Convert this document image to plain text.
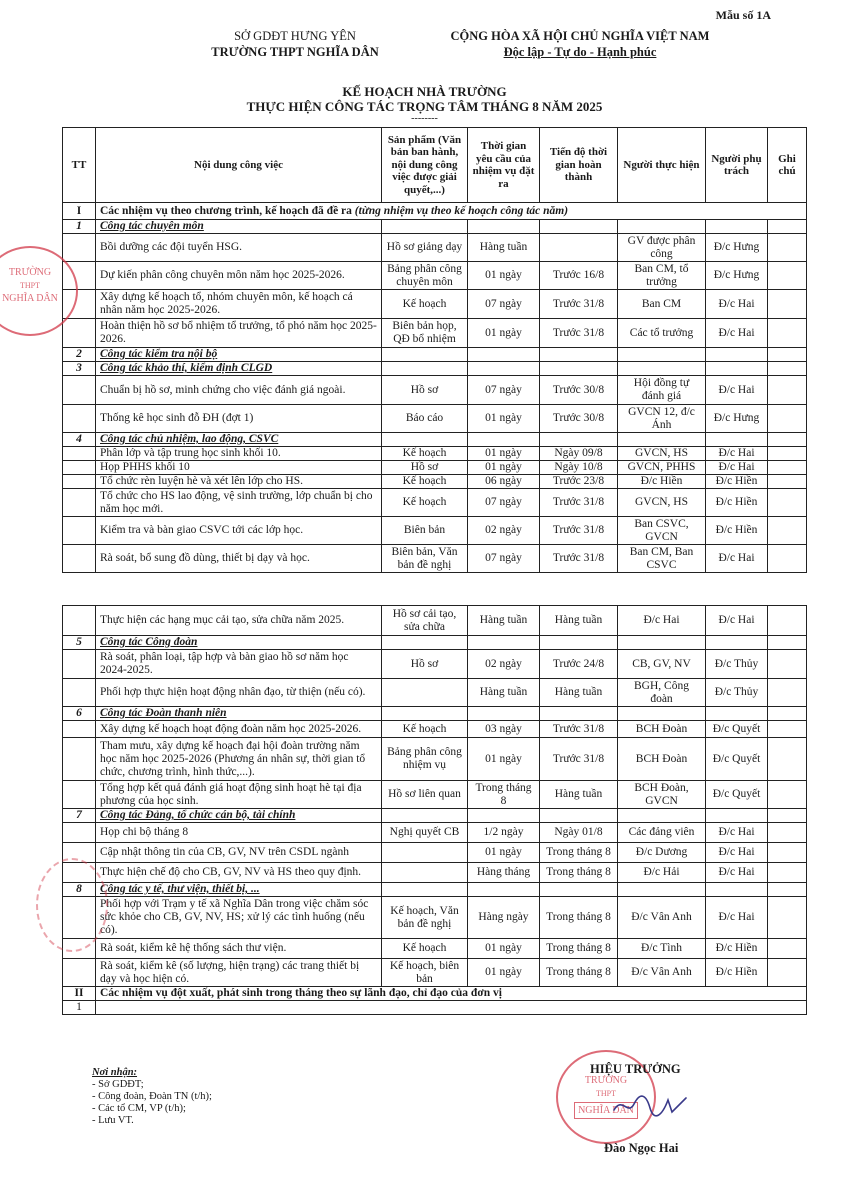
Mẫu số 1A
SỞ GDĐT HƯNG YÊN
TRƯỜNG THPT NGHĨA DÂN
CỘNG HÒA XÃ HỘI CHỦ NGHĨA VIỆT NAM
Độc lập - Tự do - Hạnh phúc
KẾ HOẠCH NHÀ TRƯỜNG
THỰC HIỆN CÔNG TÁC TRỌNG TÂM THÁNG 8 NĂM 2025
--------
TT	Nội dung công việc	Sản phẩm (Văn bản ban hành, nội dung công việc được giải quyết,...)	Thời gian yêu cầu của nhiệm vụ đặt ra	Tiến độ thời gian hoàn thành	Người thực hiện	Người phụ trách	Ghi chú
I	Các nhiệm vụ theo chương trình, kế hoạch đã đề ra (từng nhiệm vụ theo kế hoạch công tác năm)						
1	Công tác chuyên môn						
	Bồi dưỡng các đội tuyển HSG.	Hồ sơ giảng dạy	Hàng tuần		GV được phân công	Đ/c Hưng	
	Dự kiến phân công chuyên môn năm học 2025-2026.	Bảng phân công chuyên môn	01 ngày	Trước 16/8	Ban CM, tổ trưởng	Đ/c Hưng	
	Xây dựng kế hoạch tổ, nhóm chuyên môn, kế hoạch cá nhân năm học 2025-2026.	Kế hoạch	07 ngày	Trước 31/8	Ban CM	Đ/c Hai	
	Hoàn thiện hồ sơ bổ nhiệm tổ trưởng, tổ phó năm học 2025-2026.	Biên bản họp, QĐ bổ nhiệm	01 ngày	Trước 31/8	Các tổ trưởng	Đ/c Hai	
2	Công tác kiểm tra nội bộ						
3	Công tác khảo thí, kiểm định CLGD						
	Chuẩn bị hồ sơ, minh chứng cho việc đánh giá ngoài.	Hồ sơ	07 ngày	Trước 30/8	Hội đồng tự đánh giá	Đ/c Hai	
	Thống kê học sinh đỗ ĐH (đợt 1)	Báo cáo	01 ngày	Trước 30/8	GVCN 12, đ/c Ánh	Đ/c Hưng	
4	Công tác chủ nhiệm, lao động, CSVC						
	Phân lớp và tập trung học sinh khối 10.	Kế hoạch	01 ngày	Ngày 09/8	GVCN, HS	Đ/c Hai	
	Họp PHHS khối 10	Hồ sơ	01 ngày	Ngày 10/8	GVCN, PHHS	Đ/c Hai	
	Tổ chức rèn luyện hè và xét lên lớp cho HS.	Kế hoạch	06 ngày	Trước 23/8	Đ/c Hiền	Đ/c Hiền	
	Tổ chức cho HS lao động, vệ sinh trường, lớp chuẩn bị cho năm học mới.	Kế hoạch	07 ngày	Trước 31/8	GVCN, HS	Đ/c Hiền	
	Kiểm tra và bàn giao CSVC tới các lớp học.	Biên bản	02 ngày	Trước 31/8	Ban CSVC, GVCN	Đ/c Hiền	
	Rà soát, bổ sung đồ dùng, thiết bị dạy và học.	Biên bản, Văn bản đề nghị	07 ngày	Trước 31/8	Ban CM, Ban CSVC	Đ/c Hai	
	Thực hiện các hạng mục cải tạo, sửa chữa năm 2025.	Hồ sơ cải tạo, sửa chữa	Hàng tuần	Hàng tuần	Đ/c Hai	Đ/c Hai	
5	Công tác Công đoàn						
	Rà soát, phân loại, tập hợp và bàn giao hồ sơ năm học 2024-2025.	Hồ sơ	02 ngày	Trước 24/8	CB, GV, NV	Đ/c Thủy	
	Phối hợp thực hiện hoạt động nhân đạo, từ thiện (nếu có).		Hàng tuần	Hàng tuần	BGH, Công đoàn	Đ/c Thủy	
6	Công tác Đoàn thanh niên						
	Xây dựng kế hoạch hoạt động đoàn năm học 2025-2026.	Kế hoạch	03 ngày	Trước 31/8	BCH Đoàn	Đ/c Quyết	
	Tham mưu, xây dựng kế hoạch đại hội đoàn trường năm học năm học 2025-2026 (Phương án nhân sự, thời gian tổ chức, chương trình, hình thức,...).	Bảng phân công nhiệm vụ	01 ngày	Trước 31/8	BCH Đoàn	Đ/c Quyết	
	Tổng hợp kết quả đánh giá hoạt động sinh hoạt hè tại địa phương của học sinh.	Hồ sơ liên quan	Trong tháng 8	Hàng tuần	BCH Đoàn, GVCN	Đ/c Quyết	
7	Công tác Đảng, tổ chức cán bộ, tài chính						
	Họp chi bộ tháng 8	Nghị quyết CB	1/2 ngày	Ngày 01/8	Các đảng viên	Đ/c Hai	
	Cập nhật thông tin của CB, GV, NV trên CSDL ngành		01 ngày	Trong tháng 8	Đ/c Dương	Đ/c Hai	
	Thực hiện chế độ cho CB, GV, NV và HS theo quy định.		Hàng tháng	Trong tháng 8	Đ/c Hải	Đ/c Hai	
8	Công tác y tế, thư viện, thiết bị, ...						
	Phối hợp với Trạm y tế xã Nghĩa Dân trong việc chăm sóc sức khỏe cho CB, GV, NV, HS; xử lý các tình huống (nếu có).	Kế hoạch, Văn bản đề nghị	Hàng ngày	Trong tháng 8	Đ/c Vân Anh	Đ/c Hai	
	Rà soát, kiểm kê hệ thống sách thư viện.	Kế hoạch	01 ngày	Trong tháng 8	Đ/c Tình	Đ/c Hiền	
	Rà soát, kiểm kê (số lượng, hiện trạng) các trang thiết bị dạy và học hiện có.	Kế hoạch, biên bản	01 ngày	Trong tháng 8	Đ/c Vân Anh	Đ/c Hiền	
II	Các nhiệm vụ đột xuất, phát sinh trong tháng theo sự lãnh đạo, chỉ đạo của đơn vị						
1							
TRƯỜNG
THPT
NGHĨA DÂN
Nơi nhận:
- Sở GDĐT;
- Công đoàn, Đoàn TN (t/h);
- Các tổ CM, VP (t/h);
- Lưu VT.
TRƯỜNG
THPT
NGHĨA DÂN
HIỆU TRƯỞNG
Đào Ngọc Hai
